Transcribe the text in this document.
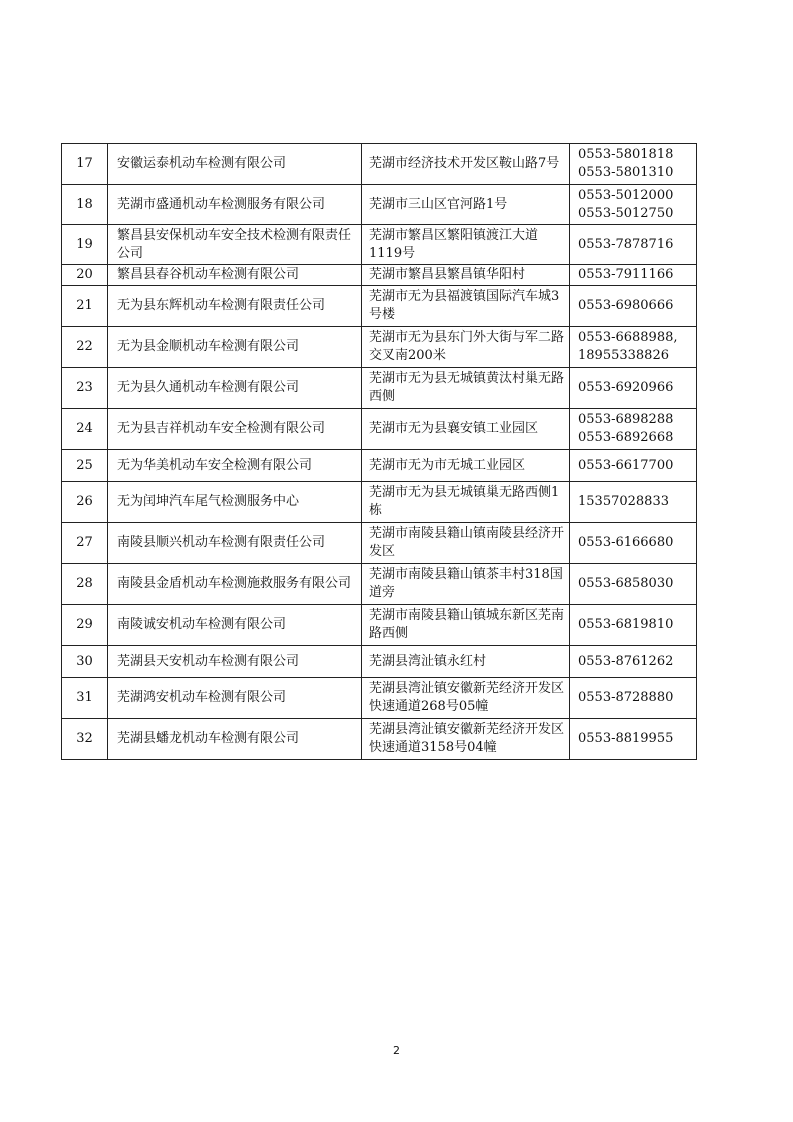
17	安徽运泰机动车检测有限公司	芜湖市经济技术开发区鞍山路7号	0553-5801818
0553-5801310
18	芜湖市盛通机动车检测服务有限公司	芜湖市三山区官河路1号	0553-5012000
0553-5012750
19	繁昌县安保机动车安全技术检测有限责任公司	芜湖市繁昌区繁阳镇渡江大道1119号	0553-7878716
20	繁昌县春谷机动车检测有限公司	芜湖市繁昌县繁昌镇华阳村	0553-7911166
21	无为县东辉机动车检测有限责任公司	芜湖市无为县福渡镇国际汽车城3号楼	0553-6980666
22	无为县金顺机动车检测有限公司	芜湖市无为县东门外大街与军二路交叉南200米	0553-6688988,
18955338826
23	无为县久通机动车检测有限公司	芜湖市无为县无城镇黄汰村巢无路西侧	0553-6920966
24	无为县吉祥机动车安全检测有限公司	芜湖市无为县襄安镇工业园区	0553-6898288
0553-6892668
25	无为华美机动车安全检测有限公司	芜湖市无为市无城工业园区	0553-6617700
26	无为闰坤汽车尾气检测服务中心	芜湖市无为县无城镇巢无路西侧1栋	15357028833
27	南陵县顺兴机动车检测有限责任公司	芜湖市南陵县籍山镇南陵县经济开发区	0553-6166680
28	南陵县金盾机动车检测施救服务有限公司	芜湖市南陵县籍山镇茶丰村318国道旁	0553-6858030
29	南陵诚安机动车检测有限公司	芜湖市南陵县籍山镇城东新区芜南路西侧	0553-6819810
30	芜湖县天安机动车检测有限公司	芜湖县湾沚镇永红村	0553-8761262
31	芜湖鸿安机动车检测有限公司	芜湖县湾沚镇安徽新芜经济开发区快速通道268号05幢	0553-8728880
32	芜湖县蟠龙机动车检测有限公司	芜湖县湾沚镇安徽新芜经济开发区快速通道3158号04幢	0553-8819955
2
